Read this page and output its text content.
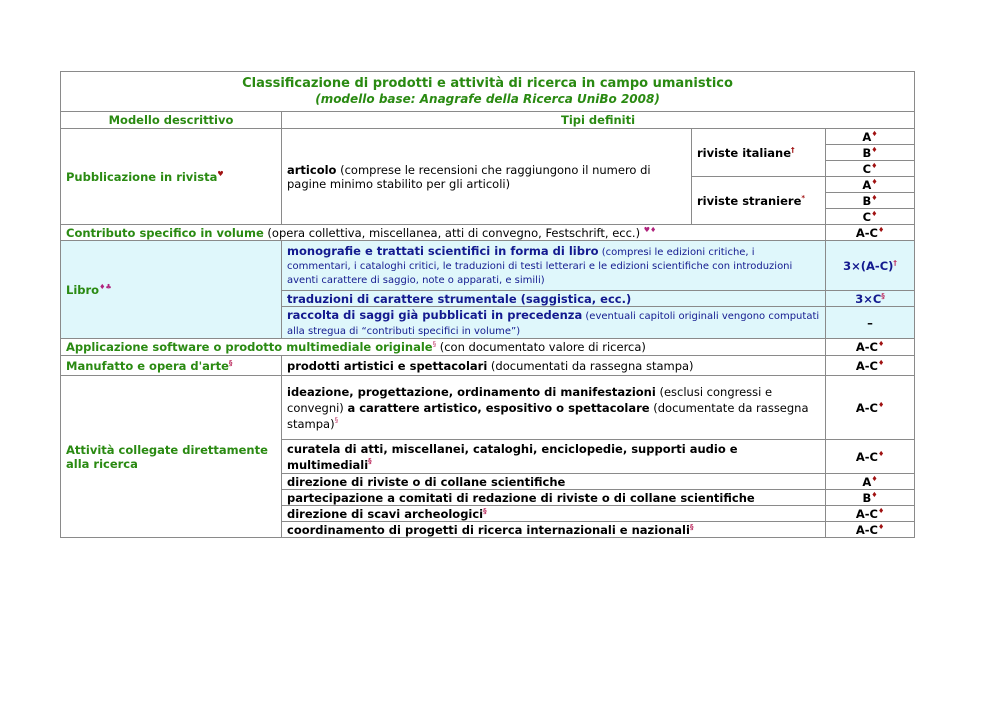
Classificazione di prodotti e attività di ricerca in campo umanistico
(modello base: Anagrafe della Ricerca UniBo 2008)			

Modello descrittivo	Tipi definiti		
Pubblicazione in rivista♥	articolo (comprese le recensioni che raggiungono il numero di pagine minimo stabilito per gli articoli)	riviste italiane†	A♦
			B♦
			C♦
		riviste straniere*	A♦
			B♦
			C♦
Contributo specifico in volume (opera collettiva, miscellanea, atti di convegno, Festschrift, ecc.) ♥♦			A-C♦
Libro♦♣	monografie e trattati scientifici in forma di libro (compresi le edizioni critiche, i commentari, i cataloghi critici, le traduzioni di testi letterari e le edizioni scientifiche con introduzioni aventi carattere di saggio, note o apparati, e simili)		3×(A-C)†
	traduzioni di carattere strumentale (saggistica, ecc.)		3×C§
	raccolta di saggi già pubblicati in precedenza (eventuali capitoli originali vengono computati alla stregua di “contributi specifici in volume”)		–
Applicazione software o prodotto multimediale originale§ (con documentato valore di ricerca)			A-C♦
Manufatto e opera d'arte§	prodotti artistici e spettacolari (documentati da rassegna stampa)		A-C♦
Attività collegate direttamente alla ricerca	ideazione, progettazione, ordinamento di manifestazioni (esclusi congressi e convegni) a carattere artistico, espositivo o spettacolare (documentate da rassegna stampa)§		A-C♦
	curatela di atti, miscellanei, cataloghi, enciclopedie, supporti audio e multimediali§		A-C♦
	direzione di riviste o di collane scientifiche		A♦
	partecipazione a comitati di redazione di riviste o di collane scientifiche		B♦
	direzione di scavi archeologici§		A-C♦
	coordinamento di progetti di ricerca internazionali e nazionali§		A-C♦
